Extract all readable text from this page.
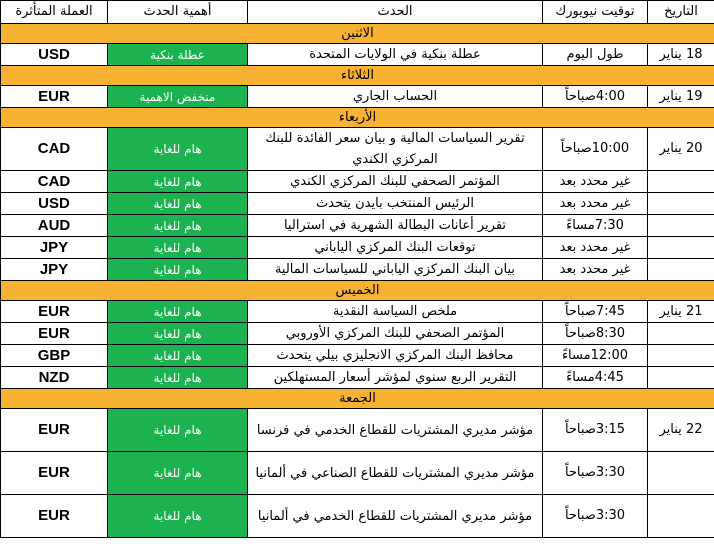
التاريخ	توقيت نيويورك	الحدث	أهمية الحدث	العملة المتأثرة
الاثنين				
18 يناير	طول اليوم	عطلة بنكية في الولايات المتحدة	عطلة بنكية	USD
الثلاثاء				
19 يناير	4:00صباحاً	الحساب الجاري	منخفض الاهمية	EUR
الأربعاء				
20 يناير	10:00صباحاً	تقرير السياسات المالية و بيان سعر الفائدة للبنك المركزي الكندي	هام للغاية	CAD
	غير محدد بعد	المؤتمر الصحفي للبنك المركزي الكندي	هام للغاية	CAD
	غير محدد بعد	الرئيس المنتخب بايدن يتحدث	هام للغاية	USD
	7:30مساءً	تقرير أعانات البطالة الشهرية في استراليا	هام للغاية	AUD
	غير محدد بعد	توقعات البنك المركزي الياباني	هام للغاية	JPY
	غير محدد بعد	بيان البنك المركزي الياباني للسياسات المالية	هام للغاية	JPY
الخميس				
21 يناير	7:45صباحاً	ملخص السياسة النقدية	هام للغاية	EUR
	8:30صباحاً	المؤتمر الصحفي للبنك المركزي الأوروبي	هام للغاية	EUR
	12:00مساءً	محافظ البنك المركزي الانجليزي بيلي يتحدث	هام للغاية	GBP
	4:45مساءً	التقرير الربع سنوي لمؤشر أسعار المستهلكين	هام للغاية	NZD
الجمعة				
22 يناير	3:15صباحاً	مؤشر مديري المشتريات للقطاع الخدمي في فرنسا	هام للغاية	EUR
	3:30صباحاً	مؤشر مديري المشتريات للقطاع الصناعي في ألمانيا	هام للغاية	EUR
	3:30صباحاً	مؤشر مديري المشتريات للقطاع الخدمي في ألمانيا	هام للغاية	EUR
